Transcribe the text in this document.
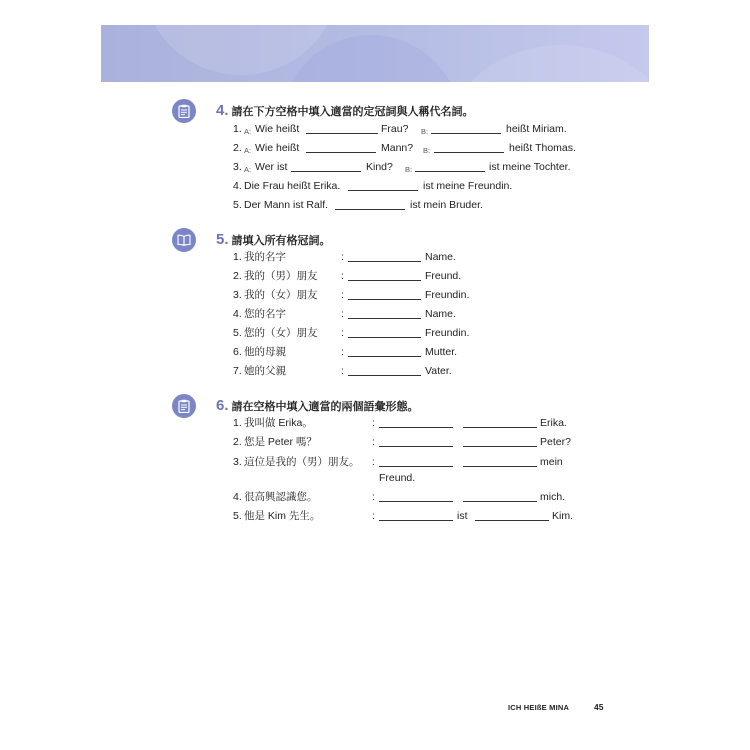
4. 請在下方空格中填入適當的定冠詞與人稱代名詞。
1. A: Wie heißt	Frau? B:	heißt Miriam.
2. A: Wie heißt	Mann? B:	heißt Thomas.
3. A: Wer ist	Kind? B:	ist meine Tochter.
4. Die Frau heißt Erika.	ist meine Freundin.
5. Der Mann ist Ralf.	ist mein Bruder.
5. 請填入所有格冠詞。
1. 我的名字	:	Name.
2. 我的（男）朋友 :	Freund.
3. 我的（女）朋友 :	Freundin.
4. 您的名字	:	Name.
5. 您的（女）朋友 :	Freundin.
6. 他的母親	:	Mutter.
7. 她的父親	:	Vater.
6. 請在空格中填入適當的兩個語彙形態。
1. 我叫做 Erika。	:	Erika.
2. 您是 Peter 嗎？	:	Peter?
3. 這位是我的（男）朋友。 :	mein
Freund.
4. 很高興認識您。	:	mich.
5. 他是 Kim 先生。	:	ist	Kim.
ICH HEIßE MINA	45
